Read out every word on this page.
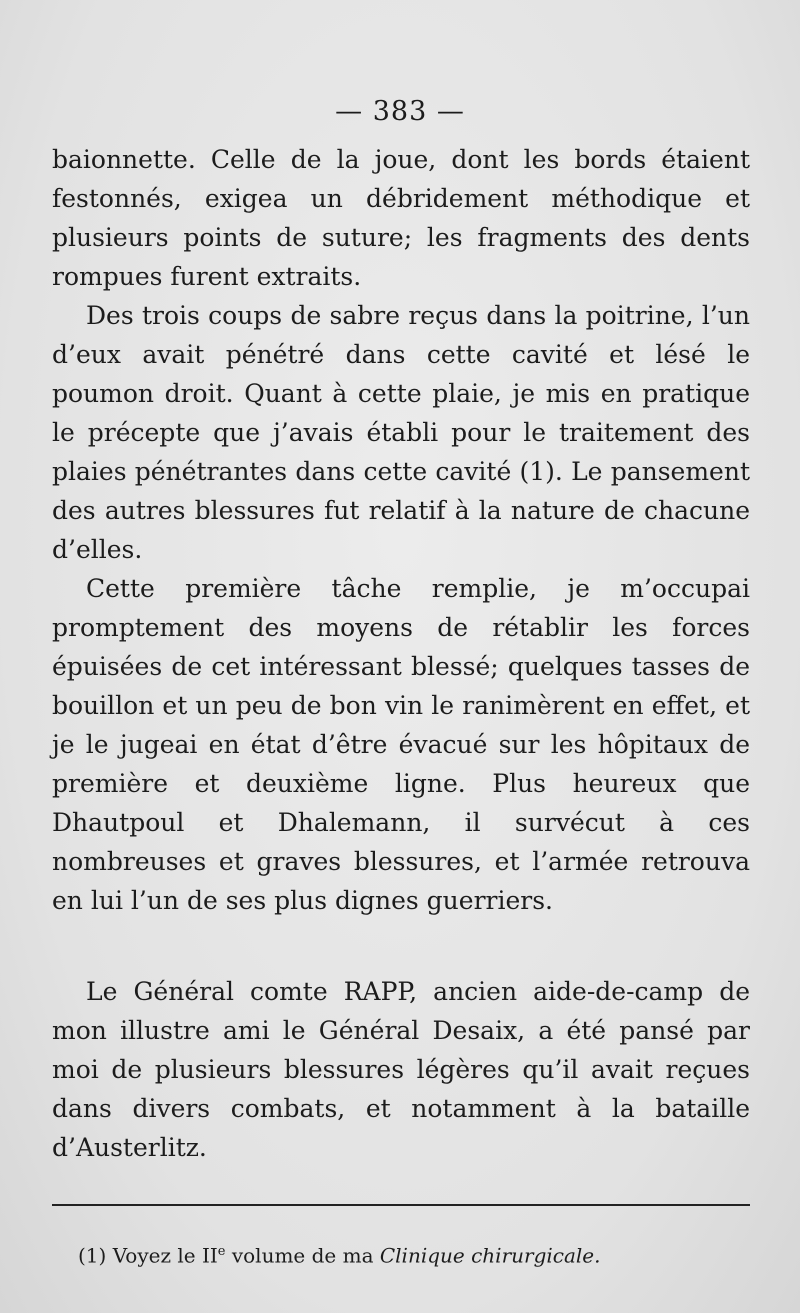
— 383 —

baionnette. Celle de la joue, dont les bords étaient festonnés, exigea un débridement méthodique et plusieurs points de suture; les fragments des dents rompues furent extraits.

Des trois coups de sabre reçus dans la poitrine, l’un d’eux avait pénétré dans cette cavité et lésé le poumon droit. Quant à cette plaie, je mis en pratique le précepte que j’avais établi pour le traitement des plaies pénétrantes dans cette cavité (1). Le pansement des autres blessures fut relatif à la nature de chacune d’elles.

Cette première tâche remplie, je m’occupai promptement des moyens de rétablir les forces épuisées de cet intéressant blessé; quelques tasses de bouillon et un peu de bon vin le ranimèrent en effet, et je le jugeai en état d’être évacué sur les hôpitaux de première et deuxième ligne. Plus heureux que Dhautpoul et Dhalemann, il survécut à ces nombreuses et graves blessures, et l’armée retrouva en lui l’un de ses plus dignes guerriers.

Le Général comte RAPP, ancien aide-de-camp de mon illustre ami le Général Desaix, a été pansé par moi de plusieurs blessures légères qu’il avait reçues dans divers combats, et notamment à la bataille d’Austerlitz.

(1) Voyez le IIe volume de ma Clinique chirurgicale.
